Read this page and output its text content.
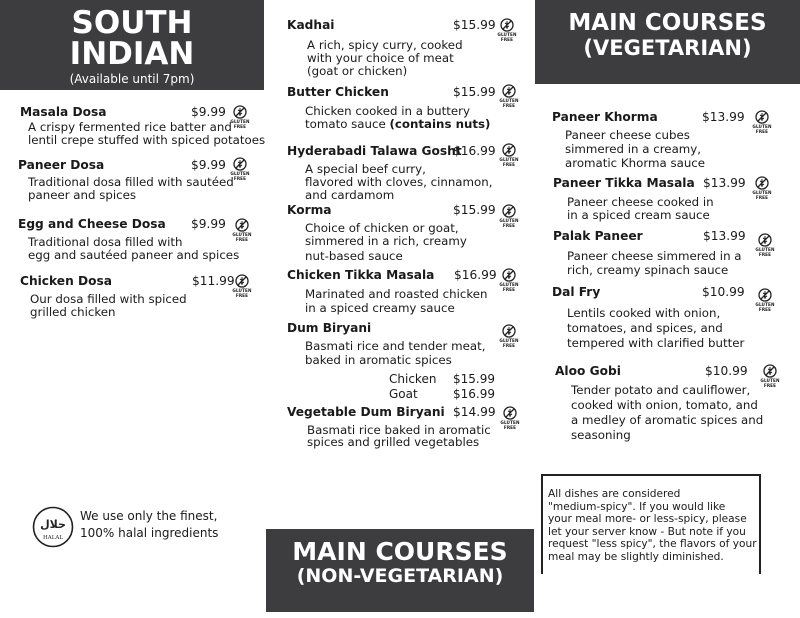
SOUTH
INDIAN
(Available until 7pm)
Masala Dosa	$9.99
A crispy fermented rice batter and
lentil crepe stuffed with spiced potatoes
GLUTEN
FREE
Paneer Dosa	$9.99
Traditional dosa filled with sautéed
paneer and spices
GLUTEN
FREE
Egg and Cheese Dosa $9.99
Traditional dosa filled with
egg and sautéed paneer and spices
GLUTEN
FREE
Chicken Dosa	$11.99
Our dosa filled with spiced
grilled chicken
GLUTEN
FREE
حلال
HALAL
We use only the finest,
100% halal ingredients
Kadhai	$15.99
A rich, spicy curry, cooked
with your choice of meat
(goat or chicken)
GLUTEN
FREE
Butter Chicken	$15.99
Chicken cooked in a buttery
tomato sauce (contains nuts)
GLUTEN
FREE
Hyderabadi Talawa Gosht
$16.99
A special beef curry,
flavored with cloves, cinnamon,
and cardamom
GLUTEN
FREE
Korma	$15.99
Choice of chicken or goat,
simmered in a rich, creamy
nut-based sauce
GLUTEN
FREE
Chicken Tikka Masala $16.99
Marinated and roasted chicken
in a spiced creamy sauce
GLUTEN
FREE
Dum Biryani
Basmati rice and tender meat,
baked in aromatic spices
Chicken $15.99
Goat	$16.99
GLUTEN
FREE
Vegetable Dum Biryani $14.99
Basmati rice baked in aromatic
spices and grilled vegetables
GLUTEN
FREE
MAIN COURSES
(NON-VEGETARIAN)
MAIN COURSES
(VEGETARIAN)
Paneer Khorma	$13.99
Paneer cheese cubes
simmered in a creamy,
aromatic Khorma sauce
GLUTEN
FREE
Paneer Tikka Masala $13.99
Paneer cheese cooked in
in a spiced cream sauce
GLUTEN
FREE
Palak Paneer	$13.99
Paneer cheese simmered in a
rich, creamy spinach sauce
GLUTEN
FREE
Dal Fry	$10.99
Lentils cooked with onion,
tomatoes, and spices, and
tempered with clarified butter
GLUTEN
FREE
Aloo Gobi	$10.99
Tender potato and cauliflower,
cooked with onion, tomato, and
a medley of aromatic spices and
seasoning
GLUTEN
FREE
All dishes are considered
"medium-spicy". If you would like
your meal more- or less-spicy, please
let your server know - But note if you
request "less spicy", the flavors of your
meal may be slightly diminished.
